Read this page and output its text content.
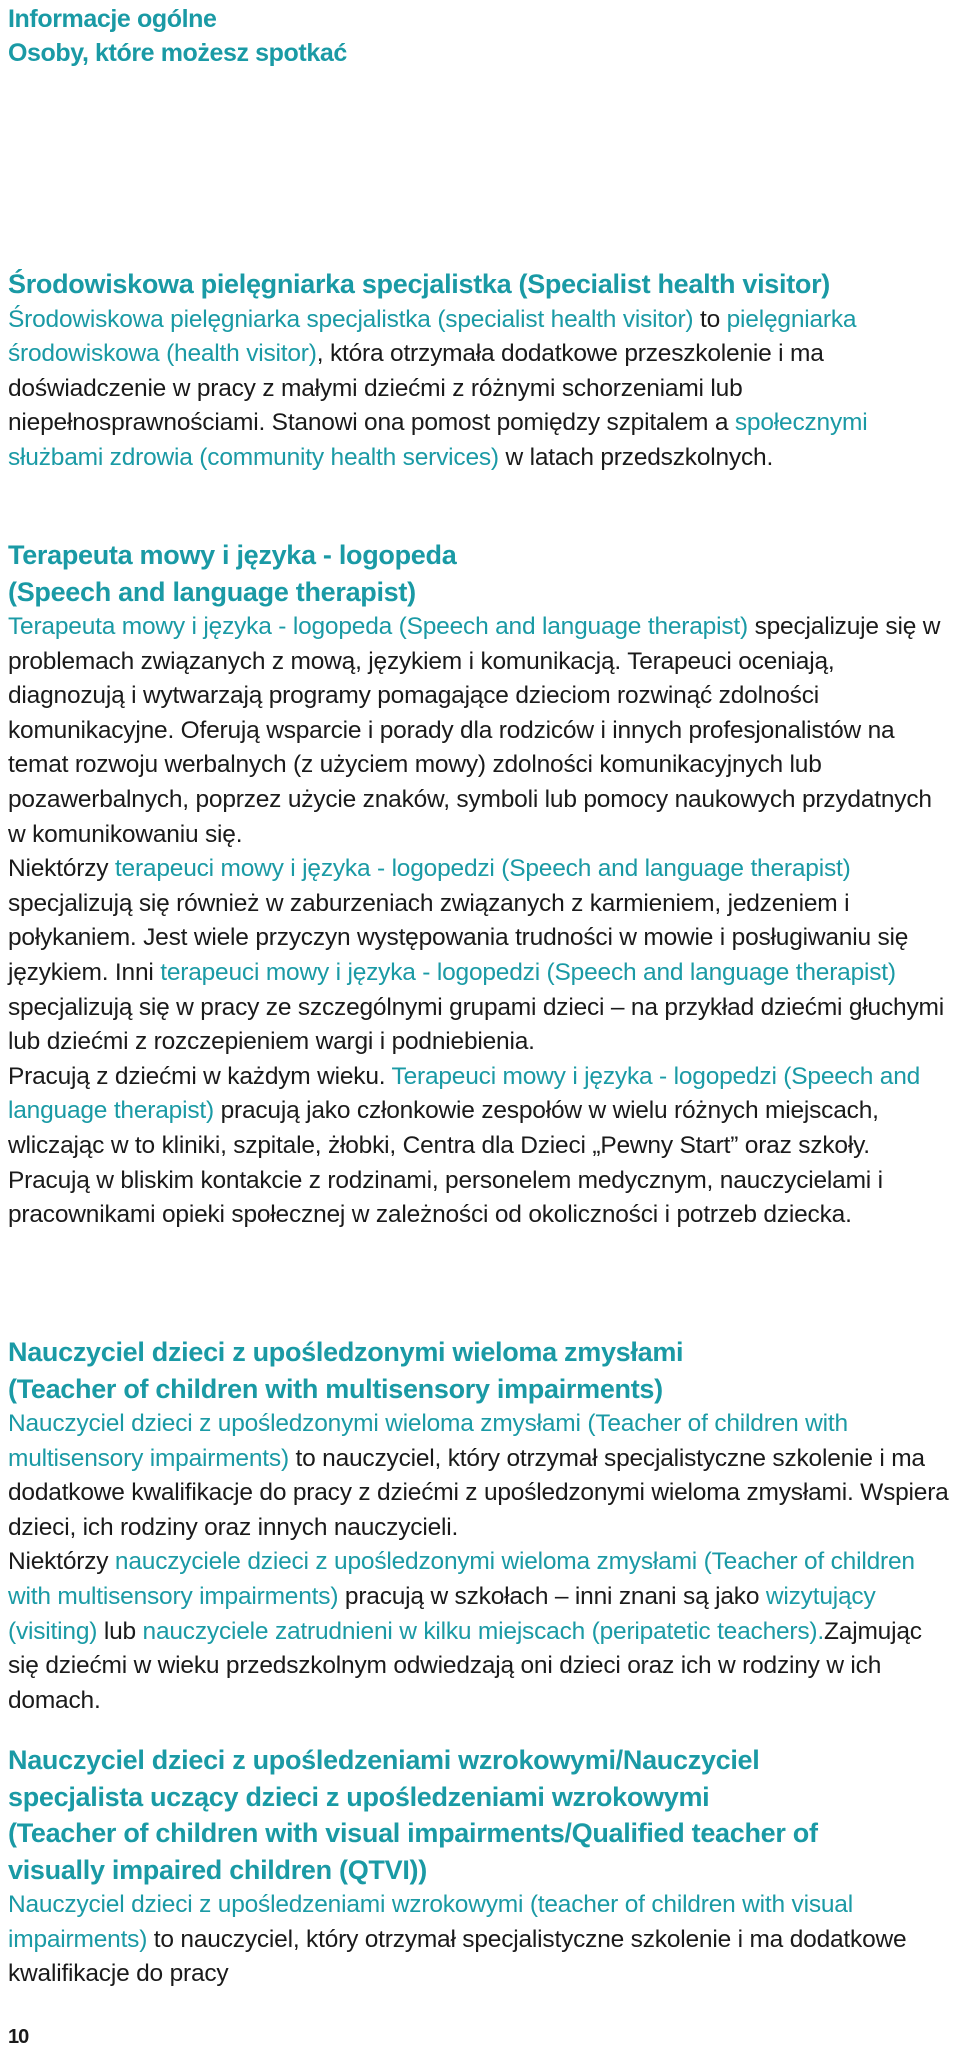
Informacje ogólne
Osoby, które możesz spotkać
Środowiskowa pielęgniarka specjalistka (Specialist health visitor)

Środowiskowa pielęgniarka specjalistka (specialist health visitor) to pielęgniarka środowiskowa (health visitor), która otrzymała dodatkowe przeszkolenie i ma doświadczenie w pracy z małymi dziećmi z różnymi schorzeniami lub niepełnosprawnościami. Stanowi ona pomost pomiędzy szpitalem a społecznymi służbami zdrowia (community health services) w latach przedszkolnych.

Terapeuta mowy i języka - logopeda
(Speech and language therapist)

Terapeuta mowy i języka - logopeda (Speech and language therapist) specjalizuje się w problemach związanych z mową, językiem i komunikacją. Terapeuci oceniają, diagnozują i wytwarzają programy pomagające dzieciom rozwinąć zdolności komunikacyjne. Oferują wsparcie i porady dla rodziców i innych profesjonalistów na temat rozwoju werbalnych (z użyciem mowy) zdolności komunikacyjnych lub pozawerbalnych, poprzez użycie znaków, symboli lub pomocy naukowych przydatnych w komunikowaniu się.
Niektórzy terapeuci mowy i języka - logopedzi (Speech and language therapist) specjalizują się również w zaburzeniach związanych z karmieniem, jedzeniem i połykaniem. Jest wiele przyczyn występowania trudności w mowie i posługiwaniu się językiem. Inni terapeuci mowy i języka - logopedzi (Speech and language therapist) specjalizują się w pracy ze szczególnymi grupami dzieci – na przykład dziećmi głuchymi lub dziećmi z rozczepieniem wargi i podniebienia.
Pracują z dziećmi w każdym wieku. Terapeuci mowy i języka - logopedzi (Speech and language therapist) pracują jako członkowie zespołów w wielu różnych miejscach, wliczając w to kliniki, szpitale, żłobki, Centra dla Dzieci „Pewny Start” oraz szkoły. Pracują w bliskim kontakcie z rodzinami, personelem medycznym, nauczycielami i pracownikami opieki społecznej w zależności od okoliczności i potrzeb dziecka.

Nauczyciel dzieci z upośledzonymi wieloma zmysłami
(Teacher of children with multisensory impairments)

Nauczyciel dzieci z upośledzonymi wieloma zmysłami (Teacher of children with multisensory impairments) to nauczyciel, który otrzymał specjalistyczne szkolenie i ma dodatkowe kwalifikacje do pracy z dziećmi z upośledzonymi wieloma zmysłami. Wspiera dzieci, ich rodziny oraz innych nauczycieli.
Niektórzy nauczyciele dzieci z upośledzonymi wieloma zmysłami (Teacher of children with multisensory impairments) pracują w szkołach – inni znani są jako wizytujący (visiting) lub nauczyciele zatrudnieni w kilku miejscach (peripatetic teachers).Zajmując się dziećmi w wieku przedszkolnym odwiedzają oni dzieci oraz ich w rodziny w ich domach.

Nauczyciel dzieci z upośledzeniami wzrokowymi/Nauczyciel
specjalista uczący dzieci z upośledzeniami wzrokowymi
(Teacher of children with visual impairments/Qualified teacher of
visually impaired children (QTVI))

Nauczyciel dzieci z upośledzeniami wzrokowymi (teacher of children with visual impairments) to nauczyciel, który otrzymał specjalistyczne szkolenie i ma dodatkowe kwalifikacje do pracy

10
